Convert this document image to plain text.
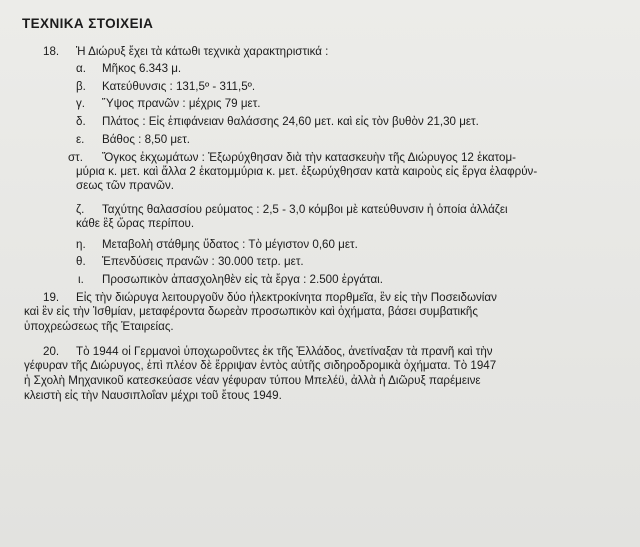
ΤΕΧΝΙΚΑ ΣΤΟΙΧΕΙΑ
18. Ἡ Διώρυξ ἔχει τὰ κάτωθι τεχνικὰ χαρακτηριστικά :
α. Μῆκος 6.343 μ.
β. Κατεύθυνσις : 131,5º - 311,5º.
γ. Ὕψος πρανῶν : μέχρις 79 μετ.
δ. Πλάτος : Εἰς ἐπιφάνειαν θαλάσσης 24,60 μετ. καὶ εἰς τὸν βυθὸν 21,30 μετ.
ε. Βάθος : 8,50 μετ.
στ. Ὄγκος ἐκχωμάτων : Ἐξωρύχθησαν διὰ τὴν κατασκευὴν τῆς Διώρυγος 12 ἑκατομ-
μύρια κ. μετ. καὶ ἄλλα 2 ἑκατομμύρια κ. μετ. ἐξωρύχθησαν κατὰ καιροὺς εἰς ἔργα ἐλαφρύν-
σεως τῶν πρανῶν.
ζ. Ταχύτης θαλασσίου ρεύματος : 2,5 - 3,0 κόμβοι μὲ κατεύθυνσιν ἡ ὁποία ἀλλάζει
κάθε ἓξ ὥρας περίπου.
η. Μεταβολὴ στάθμης ὕδατος : Τὸ μέγιστον 0,60 μετ.
θ. Ἐπενδύσεις πρανῶν : 30.000 τετρ. μετ.
ι. Προσωπικὸν ἀπασχοληθὲν εἰς τὰ ἔργα : 2.500 ἐργάται.
19. Εἰς τὴν διώρυγα λειτουργοῦν δύο ἠλεκτροκίνητα πορθμεῖα, ἓν εἰς τὴν Ποσειδωνίαν
καὶ ἓν εἰς τὴν Ἰσθμίαν, μεταφέροντα δωρεὰν προσωπικὸν καὶ ὀχήματα, βάσει συμβατικῆς
ὑποχρεώσεως τῆς Ἑταιρείας.
20. Τὸ 1944 οἱ Γερμανοὶ ὑποχωροῦντες ἐκ τῆς Ἑλλάδος, ἀνετίναξαν τὰ πρανῆ καὶ τὴν
γέφυραν τῆς Διώρυγος, ἐπὶ πλέον δὲ ἔρριψαν ἐντὸς αὐτῆς σιδηροδρομικὰ ὀχήματα. Τὸ 1947
ἡ Σχολὴ Μηχανικοῦ κατεσκεύασε νέαν γέφυραν τύπου Μπελέϋ, ἀλλὰ ἡ Διῶρυξ παρέμεινε
κλειστὴ εἰς τὴν Ναυσιπλοΐαν μέχρι τοῦ ἔτους 1949.
